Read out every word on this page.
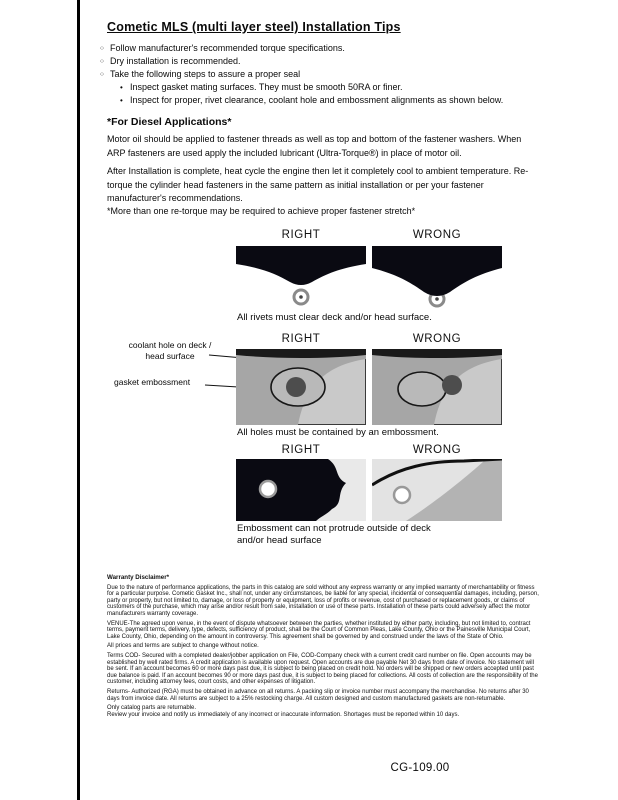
Cometic MLS (multi layer steel) Installation Tips
○ Follow manufacturer's recommended torque specifications.
○ Dry installation is recommended.
○ Take the following steps to assure a proper seal
• Inspect gasket mating surfaces. They must be smooth 50RA or finer.
• Inspect for proper, rivet clearance, coolant hole and embossment alignments as shown below.
*For Diesel Applications*

Motor oil should be applied to fastener threads as well as top and bottom of the fastener washers. When ARP fasteners are used apply the included lubricant (Ultra-Torque®) in place of motor oil.

After Installation is complete, heat cycle the engine then let it completely cool to ambient temperature. Re-torque the cylinder head fasteners in the same pattern as initial installation or per your fastener manufacturer's recommendations.

*More than one re-torque may be required to achieve proper fastener stretch*

RIGHT	WRONG

All rivets must clear deck and/or head surface.

RIGHT	WRONG
coolant hole on deck / head surface
gasket embossment

All holes must be contained by an embossment.

RIGHT	WRONG

Embossment can not protrude outside of deck and/or head surface

Warranty Disclaimer*

Due to the nature of performance applications, the parts in this catalog are sold without any express warranty or any implied warranty of merchantability or fitness for a particular purpose. Cometic Gasket Inc., shall not, under any circumstances, be liable for any special, incidental or consequential damages, including, person, party or property, but not limited to, damage, or loss of property or equipment, loss of profits or revenue, cost of purchased or replacement goods, or claims of customers of the purchase, which may arise and/or result from sale, installation or use of these parts. Installation of these parts could adversely affect the motor manufacturers warranty coverage.

VENUE-The agreed upon venue, in the event of dispute whatsoever between the parties, whether instituted by either party, including, but not limited to, contract terms, payment terms, delivery, type, defects, sufficiency of product, shall be the Court of Common Pleas, Lake County, Ohio or the Painesville Municipal Court, Lake County, Ohio, depending on the amount in controversy. This agreement shall be governed by and construed under the laws of the State of Ohio.

All prices and terms are subject to change without notice.

Terms COD- Secured with a completed dealer/jobber application on File, COD-Company check with a current credit card number on file. Open accounts may be established by well rated firms. A credit application is available upon request. Open accounts are due payable Net 30 days from date of invoice. No statement will be sent. If an account becomes 60 or more days past due, it is subject to being placed on credit hold. No orders will be shipped or new orders accepted until past due balance is paid. If an account becomes 90 or more days past due, it is subject to being placed for collections. All costs of collection are the responsibility of the customer, including attorney fees, court costs, and other expenses of litigation.

Returns- Authorized (RGA) must be obtained in advance on all returns. A packing slip or invoice number must accompany the merchandise. No returns after 30 days from invoice date. All returns are subject to a 25% restocking charge. All custom designed and custom manufactured gaskets are non-returnable.

Only catalog parts are returnable.

Review your invoice and notify us immediately of any incorrect or inaccurate information. Shortages must be reported within 10 days.

CG-109.00
